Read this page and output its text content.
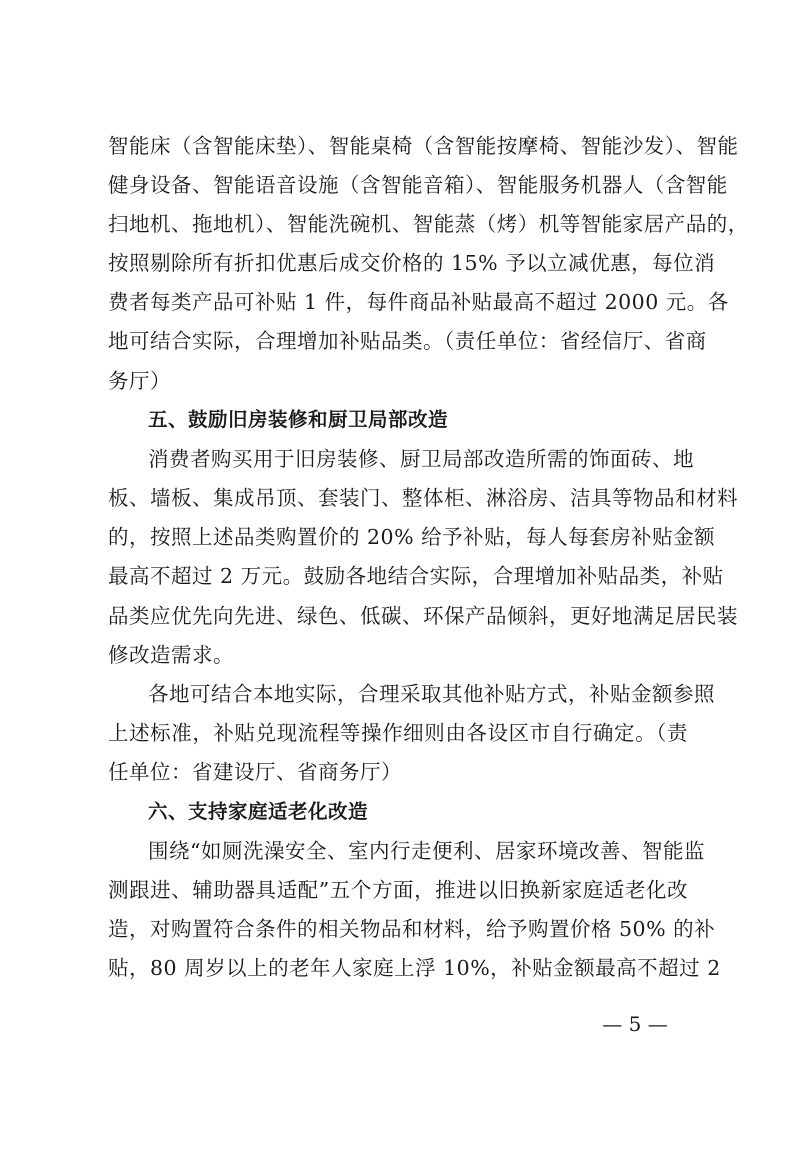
智能床（含智能床垫）、智能桌椅（含智能按摩椅、智能沙发）、智能
健身设备、智能语音设施（含智能音箱）、智能服务机器人（含智能
扫地机、拖地机）、智能洗碗机、智能蒸（烤）机等智能家居产品的，
按照剔除所有折扣优惠后成交价格的 15% 予以立减优惠，每位消
费者每类产品可补贴 1 件，每件商品补贴最高不超过 2000 元。各
地可结合实际，合理增加补贴品类。（责任单位：省经信厅、省商
务厅）
五、鼓励旧房装修和厨卫局部改造
消费者购买用于旧房装修、厨卫局部改造所需的饰面砖、地
板、墙板、集成吊顶、套装门、整体柜、淋浴房、洁具等物品和材料
的，按照上述品类购置价的 20% 给予补贴，每人每套房补贴金额
最高不超过 2 万元。鼓励各地结合实际，合理增加补贴品类，补贴
品类应优先向先进、绿色、低碳、环保产品倾斜，更好地满足居民装
修改造需求。
各地可结合本地实际，合理采取其他补贴方式，补贴金额参照
上述标准，补贴兑现流程等操作细则由各设区市自行确定。（责
任单位：省建设厅、省商务厅）
六、支持家庭适老化改造
围绕“如厕洗澡安全、室内行走便利、居家环境改善、智能监
测跟进、辅助器具适配”五个方面，推进以旧换新家庭适老化改
造，对购置符合条件的相关物品和材料，给予购置价格 50% 的补
贴，80 周岁以上的老年人家庭上浮 10%，补贴金额最高不超过 2
— 5 —
